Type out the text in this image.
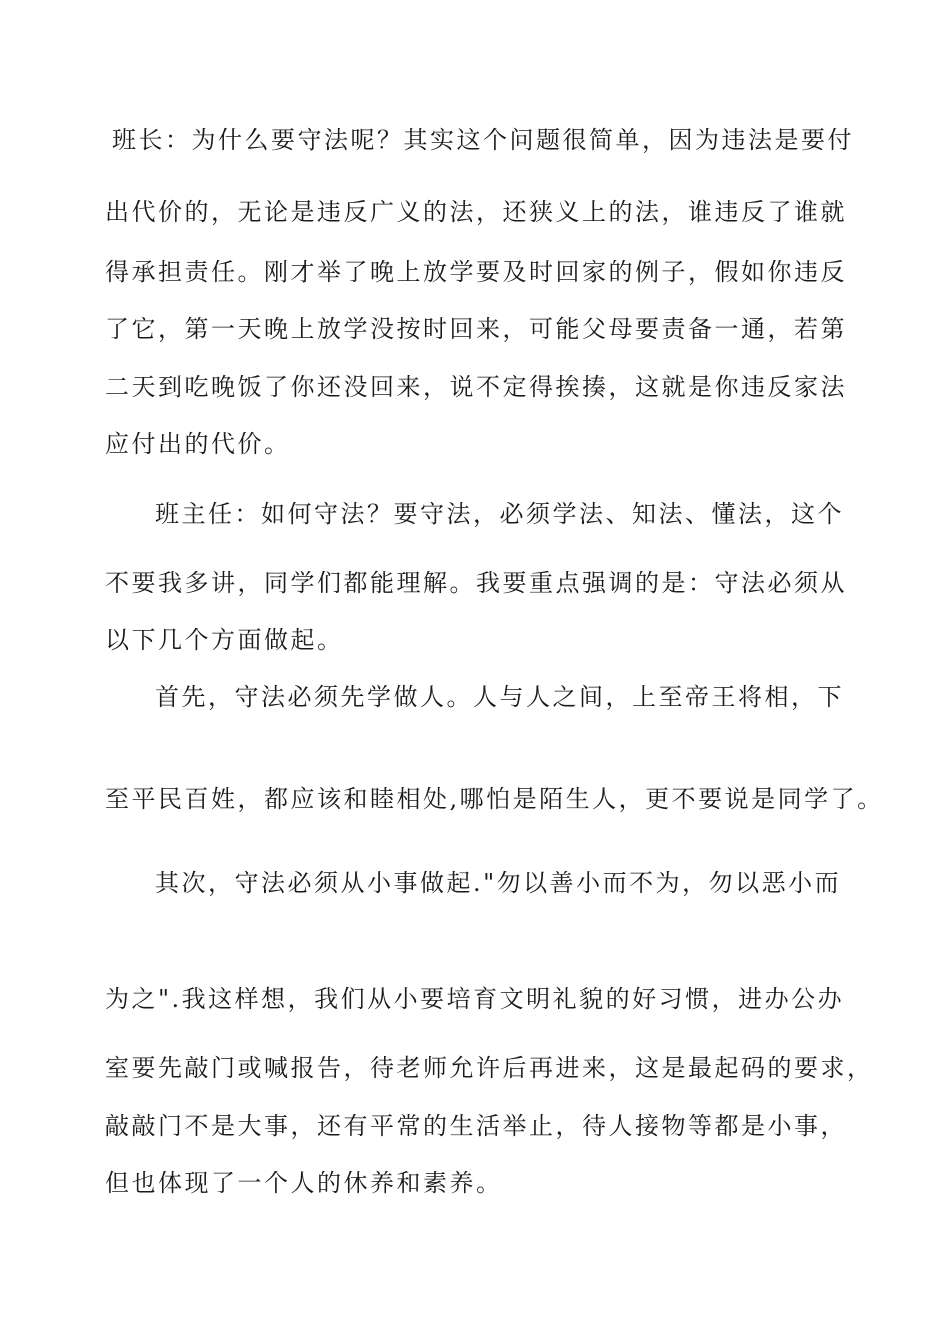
班长：为什么要守法呢？其实这个问题很简单，因为违法是要付
出代价的，无论是违反广义的法，还狭义上的法，谁违反了谁就
得承担责任。刚才举了晚上放学要及时回家的例子，假如你违反
了它，第一天晚上放学没按时回来，可能父母要责备一通，若第
二天到吃晚饭了你还没回来，说不定得挨揍，这就是你违反家法
应付出的代价。
班主任：如何守法？要守法，必须学法、知法、懂法，这个
不要我多讲，同学们都能理解。我要重点强调的是：守法必须从
以下几个方面做起。
首先，守法必须先学做人。人与人之间，上至帝王将相，下
至平民百姓，都应该和睦相处,哪怕是陌生人，更不要说是同学了。
其次，守法必须从小事做起."勿以善小而不为，勿以恶小而
为之".我这样想，我们从小要培育文明礼貌的好习惯，进办公办
室要先敲门或喊报告，待老师允许后再进来，这是最起码的要求，
敲敲门不是大事，还有平常的生活举止，待人接物等都是小事，
但也体现了一个人的休养和素养。
